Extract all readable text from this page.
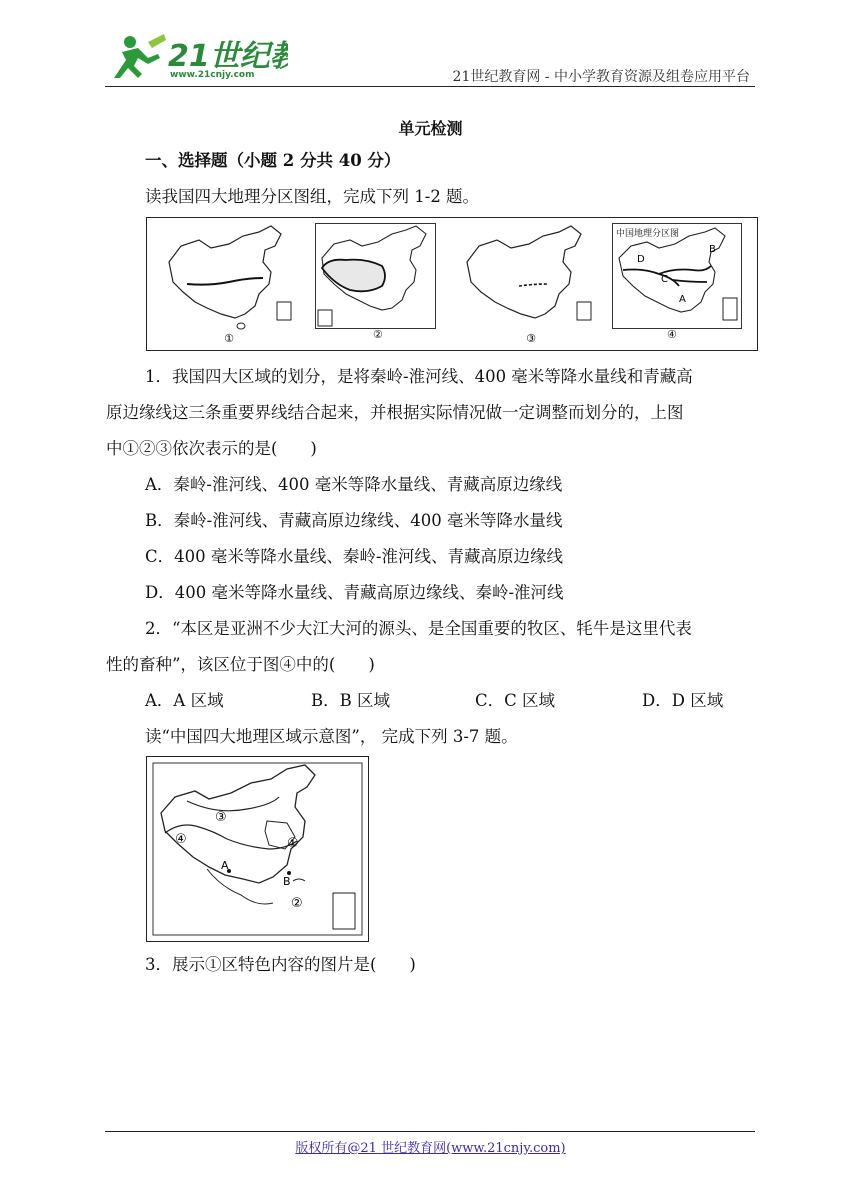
21世纪
www.21cnjy.com	21世纪教育网 - 中小学教育资源及组卷应用平台
单元检测
一、选择题（小题 2 分共 40 分）
读我国四大地理分区图组，完成下列 1-2 题。
①	②	③
中国地理分区图
D
B
C
A
④
1．我国四大区域的划分，是将秦岭-淮河线、400 毫米等降水量线和青藏高
原边缘线这三条重要界线结合起来，并根据实际情况做一定调整而划分的，上图
中①②③依次表示的是(　　)
A．秦岭-淮河线、400 毫米等降水量线、青藏高原边缘线
B．秦岭-淮河线、青藏高原边缘线、400 毫米等降水量线
C．400 毫米等降水量线、秦岭-淮河线、青藏高原边缘线
D．400 毫米等降水量线、青藏高原边缘线、秦岭-淮河线
2．“本区是亚洲不少大江大河的源头、是全国重要的牧区、牦牛是这里代表
性的畜种”，该区位于图④中的(　　)
A．A 区域	B．B 区域	C．C 区域	D．D 区域
读“中国四大地理区域示意图”， 完成下列 3-7 题。
③
④	①
②
A
B
3．展示①区特色内容的图片是(　　)
版权所有@21 世纪教育网(www.21cnjy.com)
